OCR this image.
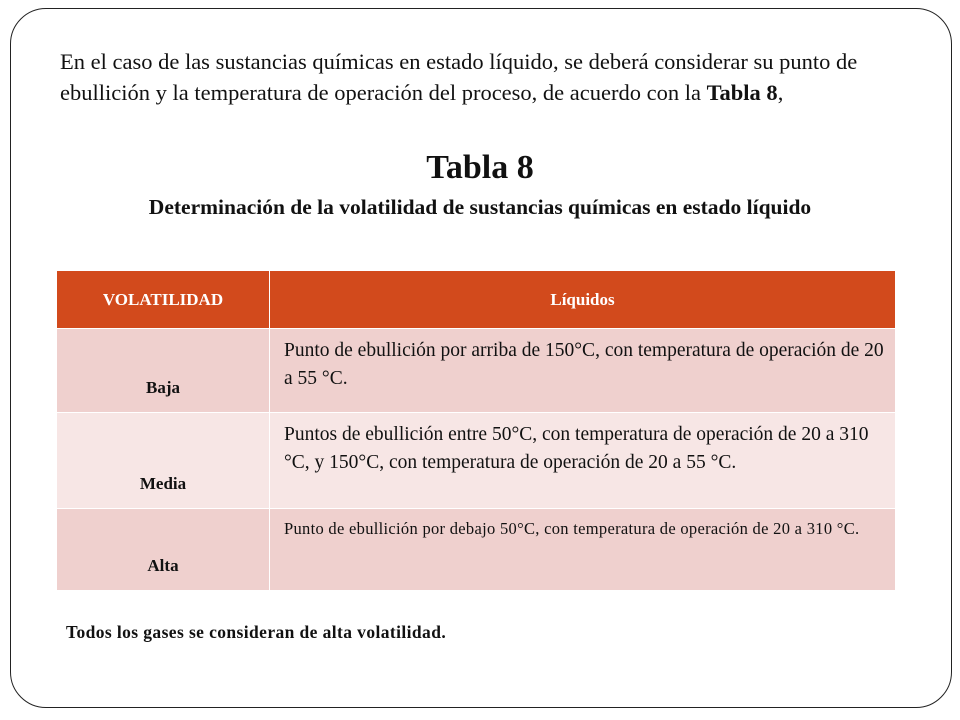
En el caso de las sustancias químicas en estado líquido, se deberá considerar su punto de ebullición y la temperatura de operación del proceso, de acuerdo con la Tabla 8,

Tabla 8
Determinación de la volatilidad de sustancias químicas en estado líquido
VOLATILIDAD	Líquidos
Baja	Punto de ebullición por arriba de 150°C, con temperatura de operación de 20 a 55 °C.
Media	Puntos de ebullición entre 50°C, con temperatura de operación de 20 a 310 °C, y 150°C, con temperatura de operación de 20 a 55 °C.
Alta	Punto de ebullición por debajo 50°C, con temperatura de operación de 20 a 310 °C.

Todos los gases se consideran de alta volatilidad.
